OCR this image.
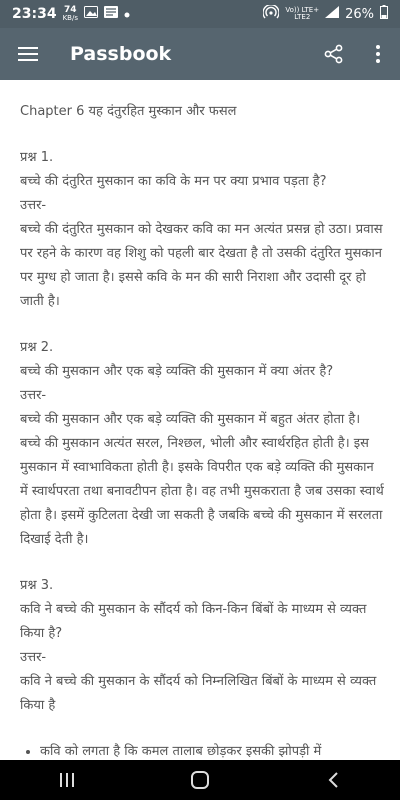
23:34 74
KB/s
Vo)) LTE+
LTE2	26%
Passbook
Chapter 6 यह दंतुरहित मुस्कान और फसल
प्रश्न 1.
बच्चे की दंतुरित मुसकान का कवि के मन पर क्या प्रभाव पड़ता है?
उत्तर-
बच्चे की दंतुरित मुसकान को देखकर कवि का मन अत्यंत प्रसन्न हो उठा। प्रवास पर रहने के कारण वह शिशु को पहली बार देखता है तो उसकी दंतुरित मुसकान पर मुग्ध हो जाता है। इससे कवि के मन की सारी निराशा और उदासी दूर हो जाती है।
प्रश्न 2.
बच्चे की मुसकान और एक बड़े व्यक्ति की मुसकान में क्या अंतर है?
उत्तर-
बच्चे की मुसकान और एक बड़े व्यक्ति की मुसकान में बहुत अंतर होता है। बच्चे की मुसकान अत्यंत सरल, निश्छल, भोली और स्वार्थरहित होती है। इस मुसकान में स्वाभाविकता होती है। इसके विपरीत एक बड़े व्यक्ति की मुसकान में स्वार्थपरता तथा बनावटीपन होता है। वह तभी मुसकराता है जब उसका स्वार्थ होता है। इसमें कुटिलता देखी जा सकती है जबकि बच्चे की मुसकान में सरलता दिखाई देती है।
प्रश्न 3.
कवि ने बच्चे की मुसकान के सौंदर्य को किन-किन बिंबों के माध्यम से व्यक्त किया है?
उत्तर-
कवि ने बच्चे की मुसकान के सौंदर्य को निम्नलिखित बिंबों के माध्यम से व्यक्त किया है
• कवि को लगता है कि कमल तालाब छोड़कर इसकी झोपड़ी में
